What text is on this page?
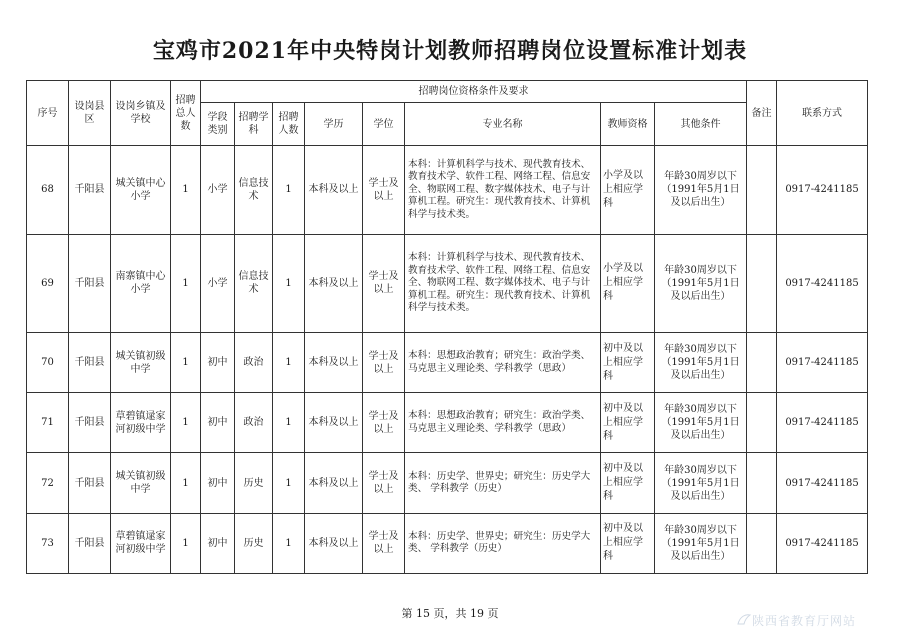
宝鸡市2021年中央特岗计划教师招聘岗位设置标准计划表
序号	设岗县区	设岗乡镇及学校	招聘总人数	招聘岗位资格条件及要求								备注	联系方式
				学段类别	招聘学科	招聘人数	学历	学位	专业名称	教师资格	其他条件		
68	千阳县	城关镇中心小学	1	小学	信息技术	1	本科及以上	学士及以上	本科：计算机科学与技术、现代教育技术、教育技术学、软件工程、网络工程、信息安全、物联网工程、数字媒体技术、电子与计算机工程。研究生：现代教育技术、计算机科学与技术类。	小学及以上相应学科	年龄30周岁以下（1991年5月1日及以后出生）		0917-4241185
69	千阳县	南寨镇中心小学	1	小学	信息技术	1	本科及以上	学士及以上	本科：计算机科学与技术、现代教育技术、教育技术学、软件工程、网络工程、信息安全、物联网工程、数字媒体技术、电子与计算机工程。研究生：现代教育技术、计算机科学与技术类。	小学及以上相应学科	年龄30周岁以下（1991年5月1日及以后出生）		0917-4241185
70	千阳县	城关镇初级中学	1	初中	政治	1	本科及以上	学士及以上	本科：思想政治教育；研究生：政治学类、马克思主义理论类、学科教学（思政）	初中及以上相应学科	年龄30周岁以下（1991年5月1日及以后出生）		0917-4241185
71	千阳县	草碧镇逯家河初级中学	1	初中	政治	1	本科及以上	学士及以上	本科：思想政治教育；研究生：政治学类、马克思主义理论类、学科教学（思政）	初中及以上相应学科	年龄30周岁以下（1991年5月1日及以后出生）		0917-4241185
72	千阳县	城关镇初级中学	1	初中	历史	1	本科及以上	学士及以上	本科：历史学、世界史；研究生：历史学大类、 学科教学（历史）	初中及以上相应学科	年龄30周岁以下（1991年5月1日及以后出生）		0917-4241185
73	千阳县	草碧镇逯家河初级中学	1	初中	历史	1	本科及以上	学士及以上	本科：历史学、世界史；研究生：历史学大类、 学科教学（历史）	初中及以上相应学科	年龄30周岁以下（1991年5月1日及以后出生）		0917-4241185
第 15 页，共 19 页
陕西省教育厅网站
